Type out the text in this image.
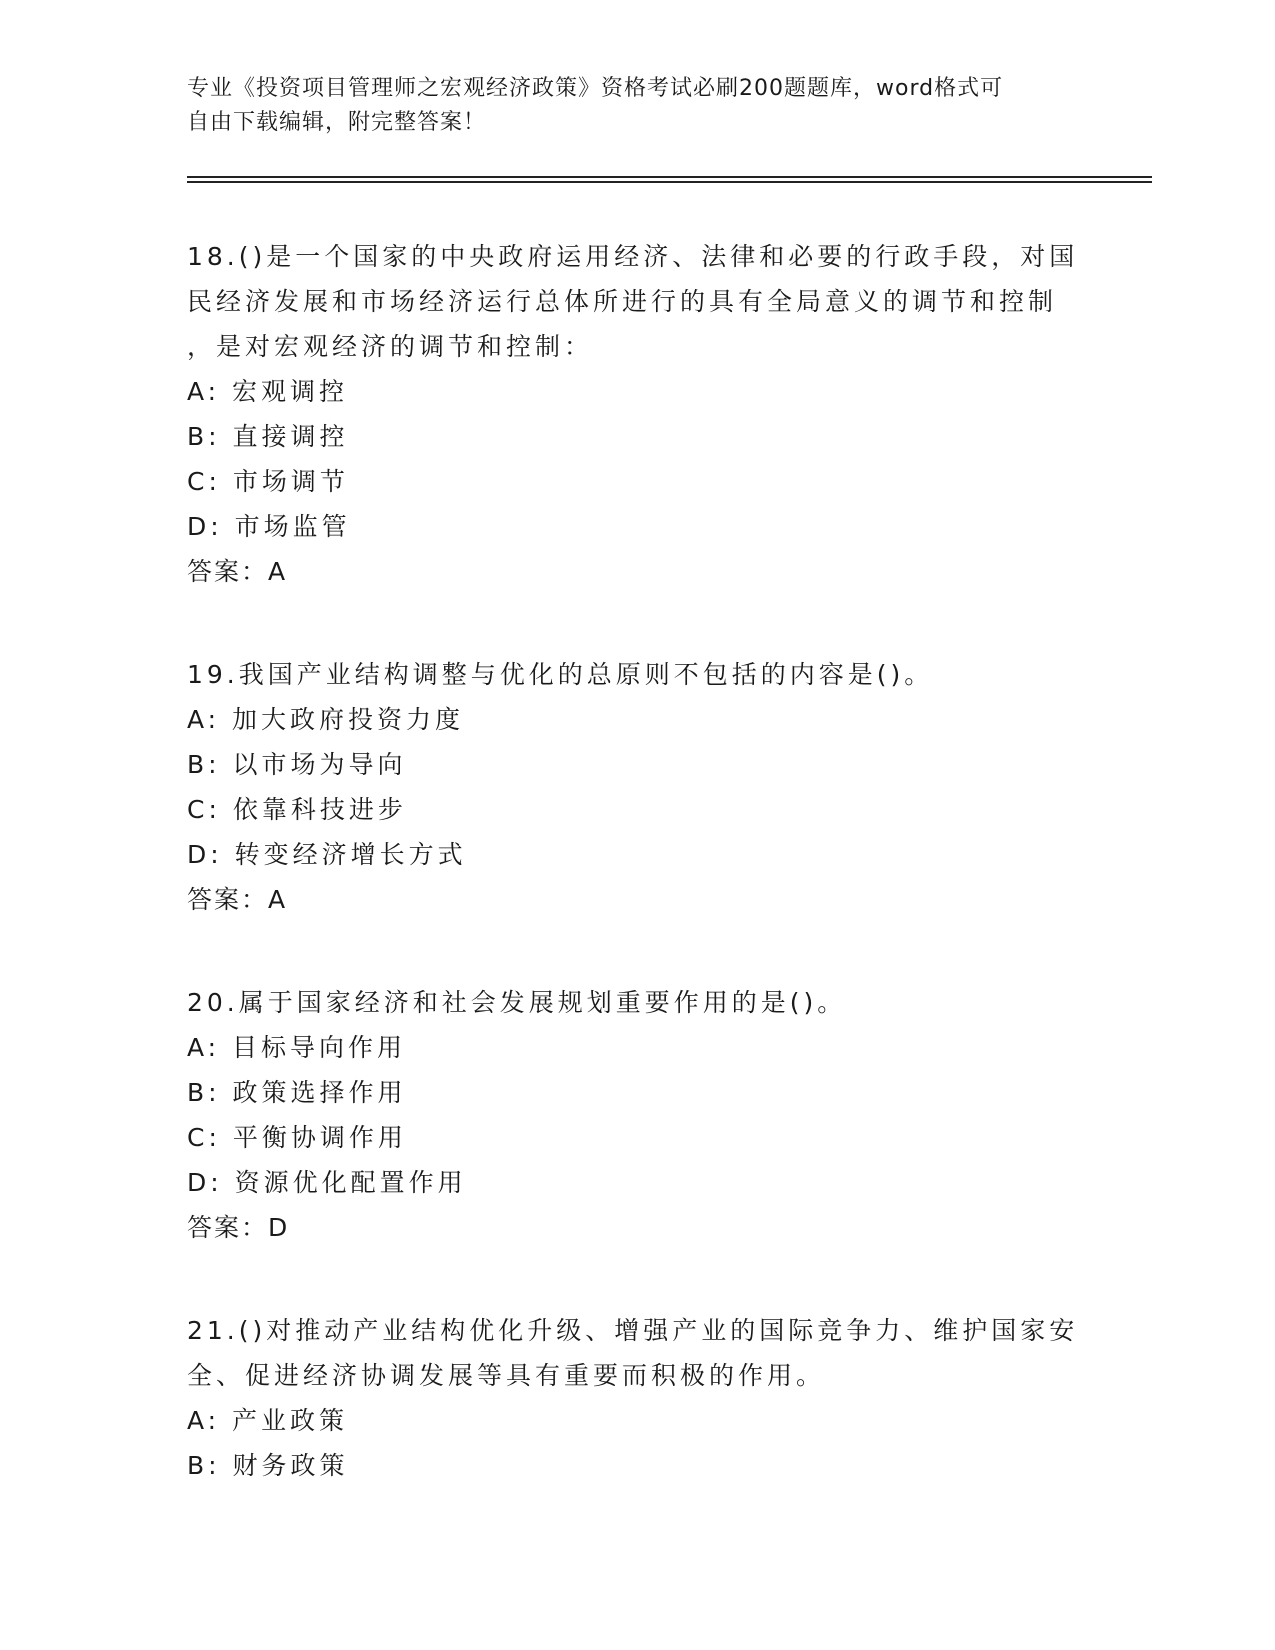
专业《投资项目管理师之宏观经济政策》资格考试必刷200题题库，word格式可
自由下载编辑，附完整答案！
18.()是一个国家的中央政府运用经济、法律和必要的行政手段，对国
民经济发展和市场经济运行总体所进行的具有全局意义的调节和控制
，是对宏观经济的调节和控制：
A: 宏观调控
B: 直接调控
C: 市场调节
D: 市场监管
答案：A
19.我国产业结构调整与优化的总原则不包括的内容是()。
A: 加大政府投资力度
B: 以市场为导向
C: 依靠科技进步
D: 转变经济增长方式
答案：A
20.属于国家经济和社会发展规划重要作用的是()。
A: 目标导向作用
B: 政策选择作用
C: 平衡协调作用
D: 资源优化配置作用
答案：D
21.()对推动产业结构优化升级、增强产业的国际竞争力、维护国家安
全、促进经济协调发展等具有重要而积极的作用。
A: 产业政策
B: 财务政策
